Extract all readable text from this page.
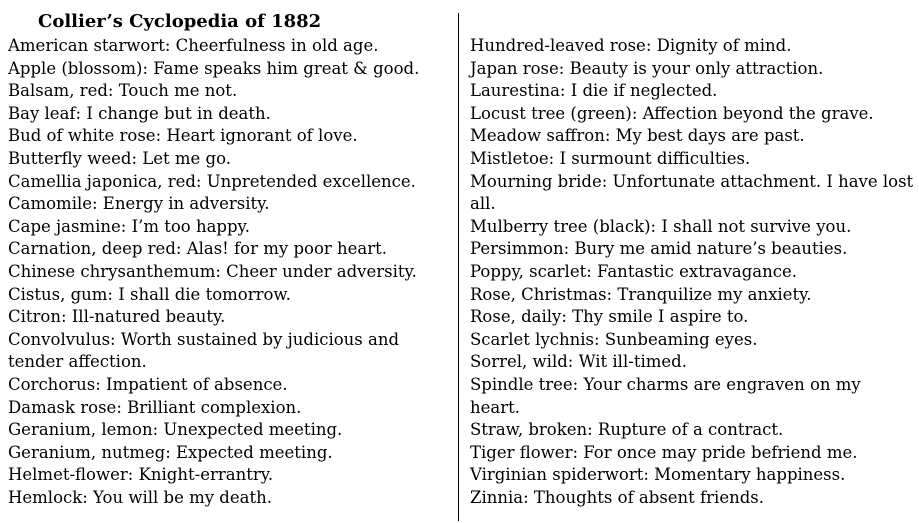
Collier’s Cyclopedia of 1882
American starwort: Cheerfulness in old age.
Apple (blossom): Fame speaks him great & good.
Balsam, red: Touch me not.
Bay leaf: I change but in death.
Bud of white rose: Heart ignorant of love.
Butterfly weed: Let me go.
Camellia japonica, red: Unpretended excellence.
Camomile: Energy in adversity.
Cape jasmine: I’m too happy.
Carnation, deep red: Alas! for my poor heart.
Chinese chrysanthemum: Cheer under adversity.
Cistus, gum: I shall die tomorrow.
Citron: Ill-natured beauty.
Convolvulus: Worth sustained by judicious and tender affection.
Corchorus: Impatient of absence.
Damask rose: Brilliant complexion.
Geranium, lemon: Unexpected meeting.
Geranium, nutmeg: Expected meeting.
Helmet-flower: Knight-errantry.
Hemlock: You will be my death.
Hundred-leaved rose: Dignity of mind.
Japan rose: Beauty is your only attraction.
Laurestina: I die if neglected.
Locust tree (green): Affection beyond the grave.
Meadow saffron: My best days are past.
Mistletoe: I surmount difficulties.
Mourning bride: Unfortunate attachment. I have lost all.
Mulberry tree (black): I shall not survive you.
Persimmon: Bury me amid nature’s beauties.
Poppy, scarlet: Fantastic extravagance.
Rose, Christmas: Tranquilize my anxiety.
Rose, daily: Thy smile I aspire to.
Scarlet lychnis: Sunbeaming eyes.
Sorrel, wild: Wit ill-timed.
Spindle tree: Your charms are engraven on my heart.
Straw, broken: Rupture of a contract.
Tiger flower: For once may pride befriend me.
Virginian spiderwort: Momentary happiness.
Zinnia: Thoughts of absent friends.
